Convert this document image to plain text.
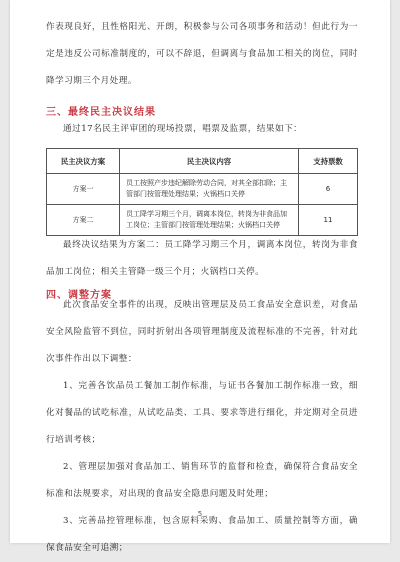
作表现良好，且性格阳光、开朗，积极参与公司各项事务和活动！但此行为一定是违反公司标准制度的，可以不辞退，但调离与食品加工相关的岗位，同时降学习期三个月处理。

三、最终民主决议结果

通过17名民主评审团的现场投票，唱票及监票，结果如下：

民主决议方案	民主决议内容	支持票数
方案一	员工按照产步违纪解除劳动合同，对其全部扣除；主管部门按管理处理结果；火锅档口关停	6
方案二	员工降学习期三个月，调离本岗位，转岗为非食品加工岗位；主管部门按管理处理结果；火锅档口关停	11

最终决议结果为方案二：员工降学习期三个月，调离本岗位，转岗为非食品加工岗位；相关主管降一级三个月；火锅档口关停。

四、调整方案

此次食品安全事件的出现，反映出管理层及员工食品安全意识差，对食品安全风险监管不到位，同时折射出各项管理制度及流程标准的不完善，针对此次事件作出以下调整：

1、完善各饮品员工餐加工制作标准，与证书各餐加工制作标准一致，细化对餐品的试吃标准，从试吃品类、工具、要求等进行细化，并定期对全员进行培训考核；

2、管理层加强对食品加工、销售环节的监督和检查，确保符合食品安全标准和法规要求，对出现的食品安全隐患问题及时处理；

3、完善品控管理标准，包含原料采购、食品加工、质量控制等方面，确保食品安全可追溯；

5
